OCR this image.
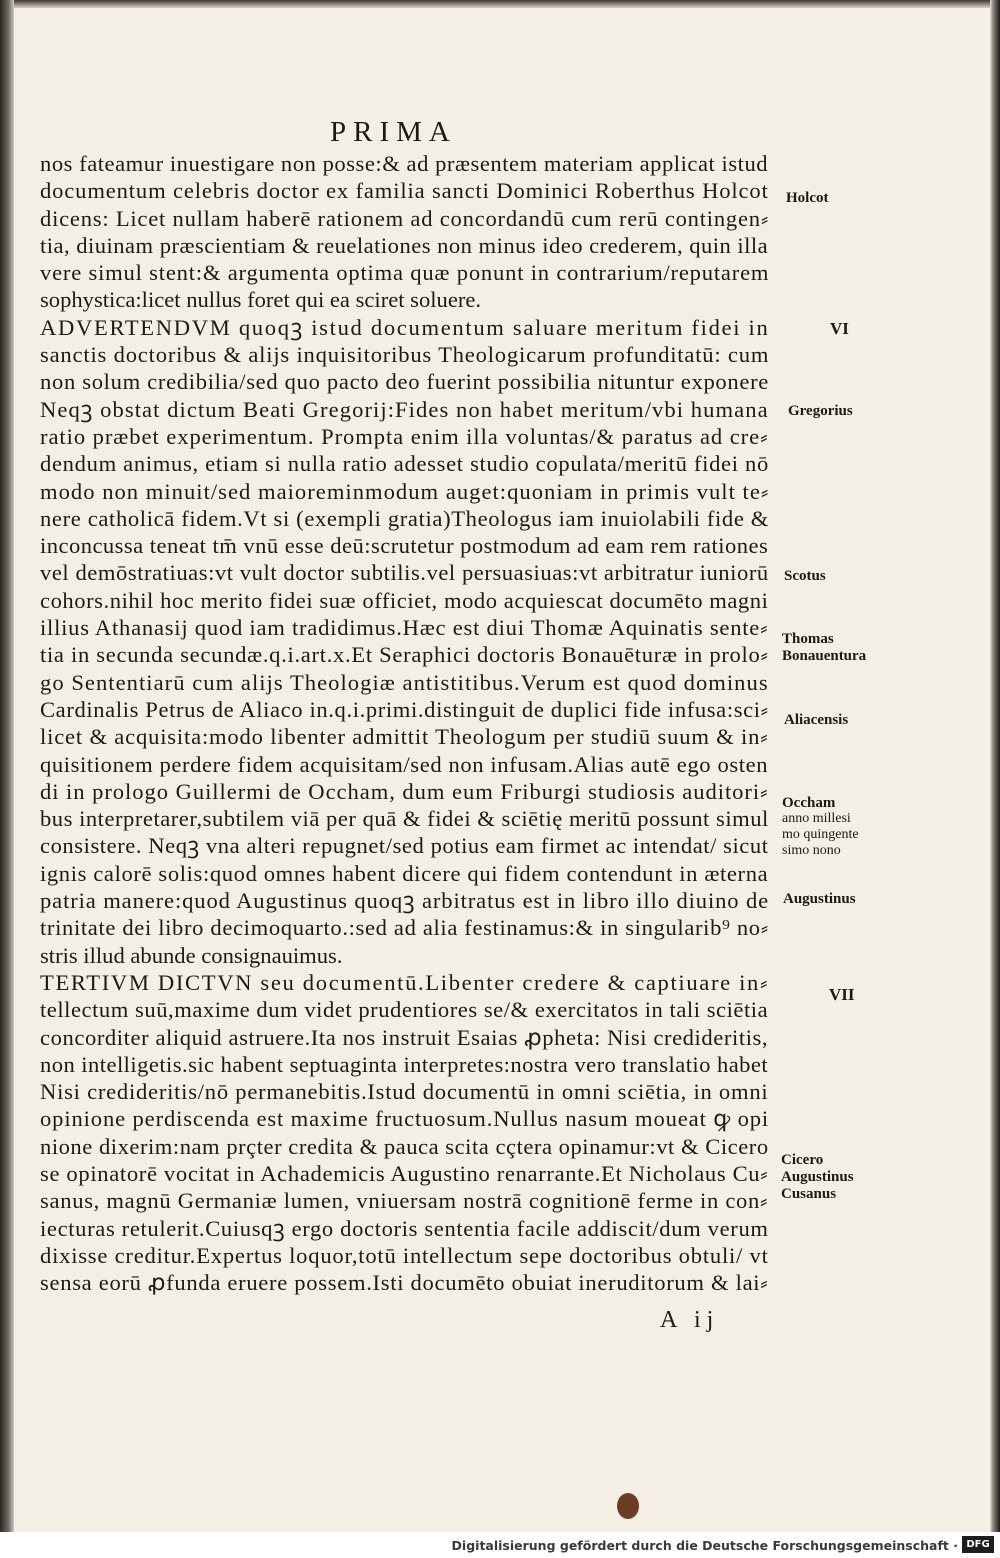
PRIMA
nos fateamur inuestigare non posse:& ad præsentem materiam applicat istud
documentum celebris doctor ex familia sancti Dominici Roberthus Holcot
dicens: Licet nullam haberē rationem ad concordandū cum rerū contingen⸗
tia, diuinam præscientiam & reuelationes non minus ideo crederem, quin illa
vere simul stent:& argumenta optima quæ ponunt in contrarium/reputarem
sophystica:licet nullus foret qui ea sciret soluere.
ADVERTENDVM quoqꝫ istud documentum saluare meritum fidei in
sanctis doctoribus & alijs inquisitoribus Theologicarum profunditatū: cum
non solum credibilia/sed quo pacto deo fuerint possibilia nituntur exponere
Neqꝫ obstat dictum Beati Gregorij:Fides non habet meritum/vbi humana
ratio præbet experimentum. Prompta enim illa voluntas/& paratus ad cre⸗
dendum animus, etiam si nulla ratio adesset studio copulata/meritū fidei nō
modo non minuit/sed maioreminmodum auget:quoniam in primis vult te⸗
nere catholicā fidem.Vt si (exempli gratia)Theologus iam inuiolabili fide &
inconcussa teneat tm̄ vnū esse deū:scrutetur postmodum ad eam rem rationes
vel demōstratiuas:vt vult doctor subtilis.vel persuasiuas:vt arbitratur iuniorū
cohors.nihil hoc merito fidei suæ officiet, modo acquiescat documēto magni
illius Athanasij quod iam tradidimus.Hæc est diui Thomæ Aquinatis sente⸗
tia in secunda secundæ.q.i.art.x.Et Seraphici doctoris Bonauēturæ in prolo⸗
go Sententiarū cum alijs Theologiæ antistitibus.Verum est quod dominus
Cardinalis Petrus de Aliaco in.q.i.primi.distinguit de duplici fide infusa:sci⸗
licet & acquisita:modo libenter admittit Theologum per studiū suum & in⸗
quisitionem perdere fidem acquisitam/sed non infusam.Alias autē ego osten
di in prologo Guillermi de Occham, dum eum Friburgi studiosis auditori⸗
bus interpretarer,subtilem viā per quā & fidei & sciētię meritū possunt simul
consistere. Neqꝫ vna alteri repugnet/sed potius eam firmet ac intendat/ sicut
ignis calorē solis:quod omnes habent dicere qui fidem contendunt in æterna
patria manere:quod Augustinus quoqꝫ arbitratus est in libro illo diuino de
trinitate dei libro decimoquarto.:sed ad alia festinamus:& in singularib⁹ no⸗
stris illud abunde consignauimus.
TERTIVM DICTVN seu documentū.Libenter credere & captiuare in⸗
tellectum suū,maxime dum videt prudentiores se/& exercitatos in tali sciētia
concorditer aliquid astruere.Ita nos instruit Esaias ꝓpheta: Nisi credideritis,
non intelligetis.sic habent septuaginta interpretes:nostra vero translatio habet
Nisi credideritis/nō permanebitis.Istud documentū in omni sciētia, in omni
opinione perdiscenda est maxime fructuosum.Nullus nasum moueat ꝙ opi
nione dixerim:nam prçter credita & pauca scita cçtera opinamur:vt & Cicero
se opinatorē vocitat in Achademicis Augustino renarrante.Et Nicholaus Cu⸗
sanus, magnū Germaniæ lumen, vniuersam nostrā cognitionē ferme in con⸗
iecturas retulerit.Cuiusqꝫ ergo doctoris sententia facile addiscit/dum verum
dixisse creditur.Expertus loquor,totū intellectum sepe doctoribus obtuli/ vt
sensa eorū ꝓfunda eruere possem.Isti documēto obuiat ineruditorum & lai⸗
Holcot
VI
Gregorius
Scotus
Thomas
Bonauentura
Aliacensis
Occham
anno millesi
mo quingente
simo nono
Augustinus
VII
Cicero
Augustinus
Cusanus
A ij
Digitalisierung gefördert durch die Deutsche Forschungsgemeinschaft · DFG
